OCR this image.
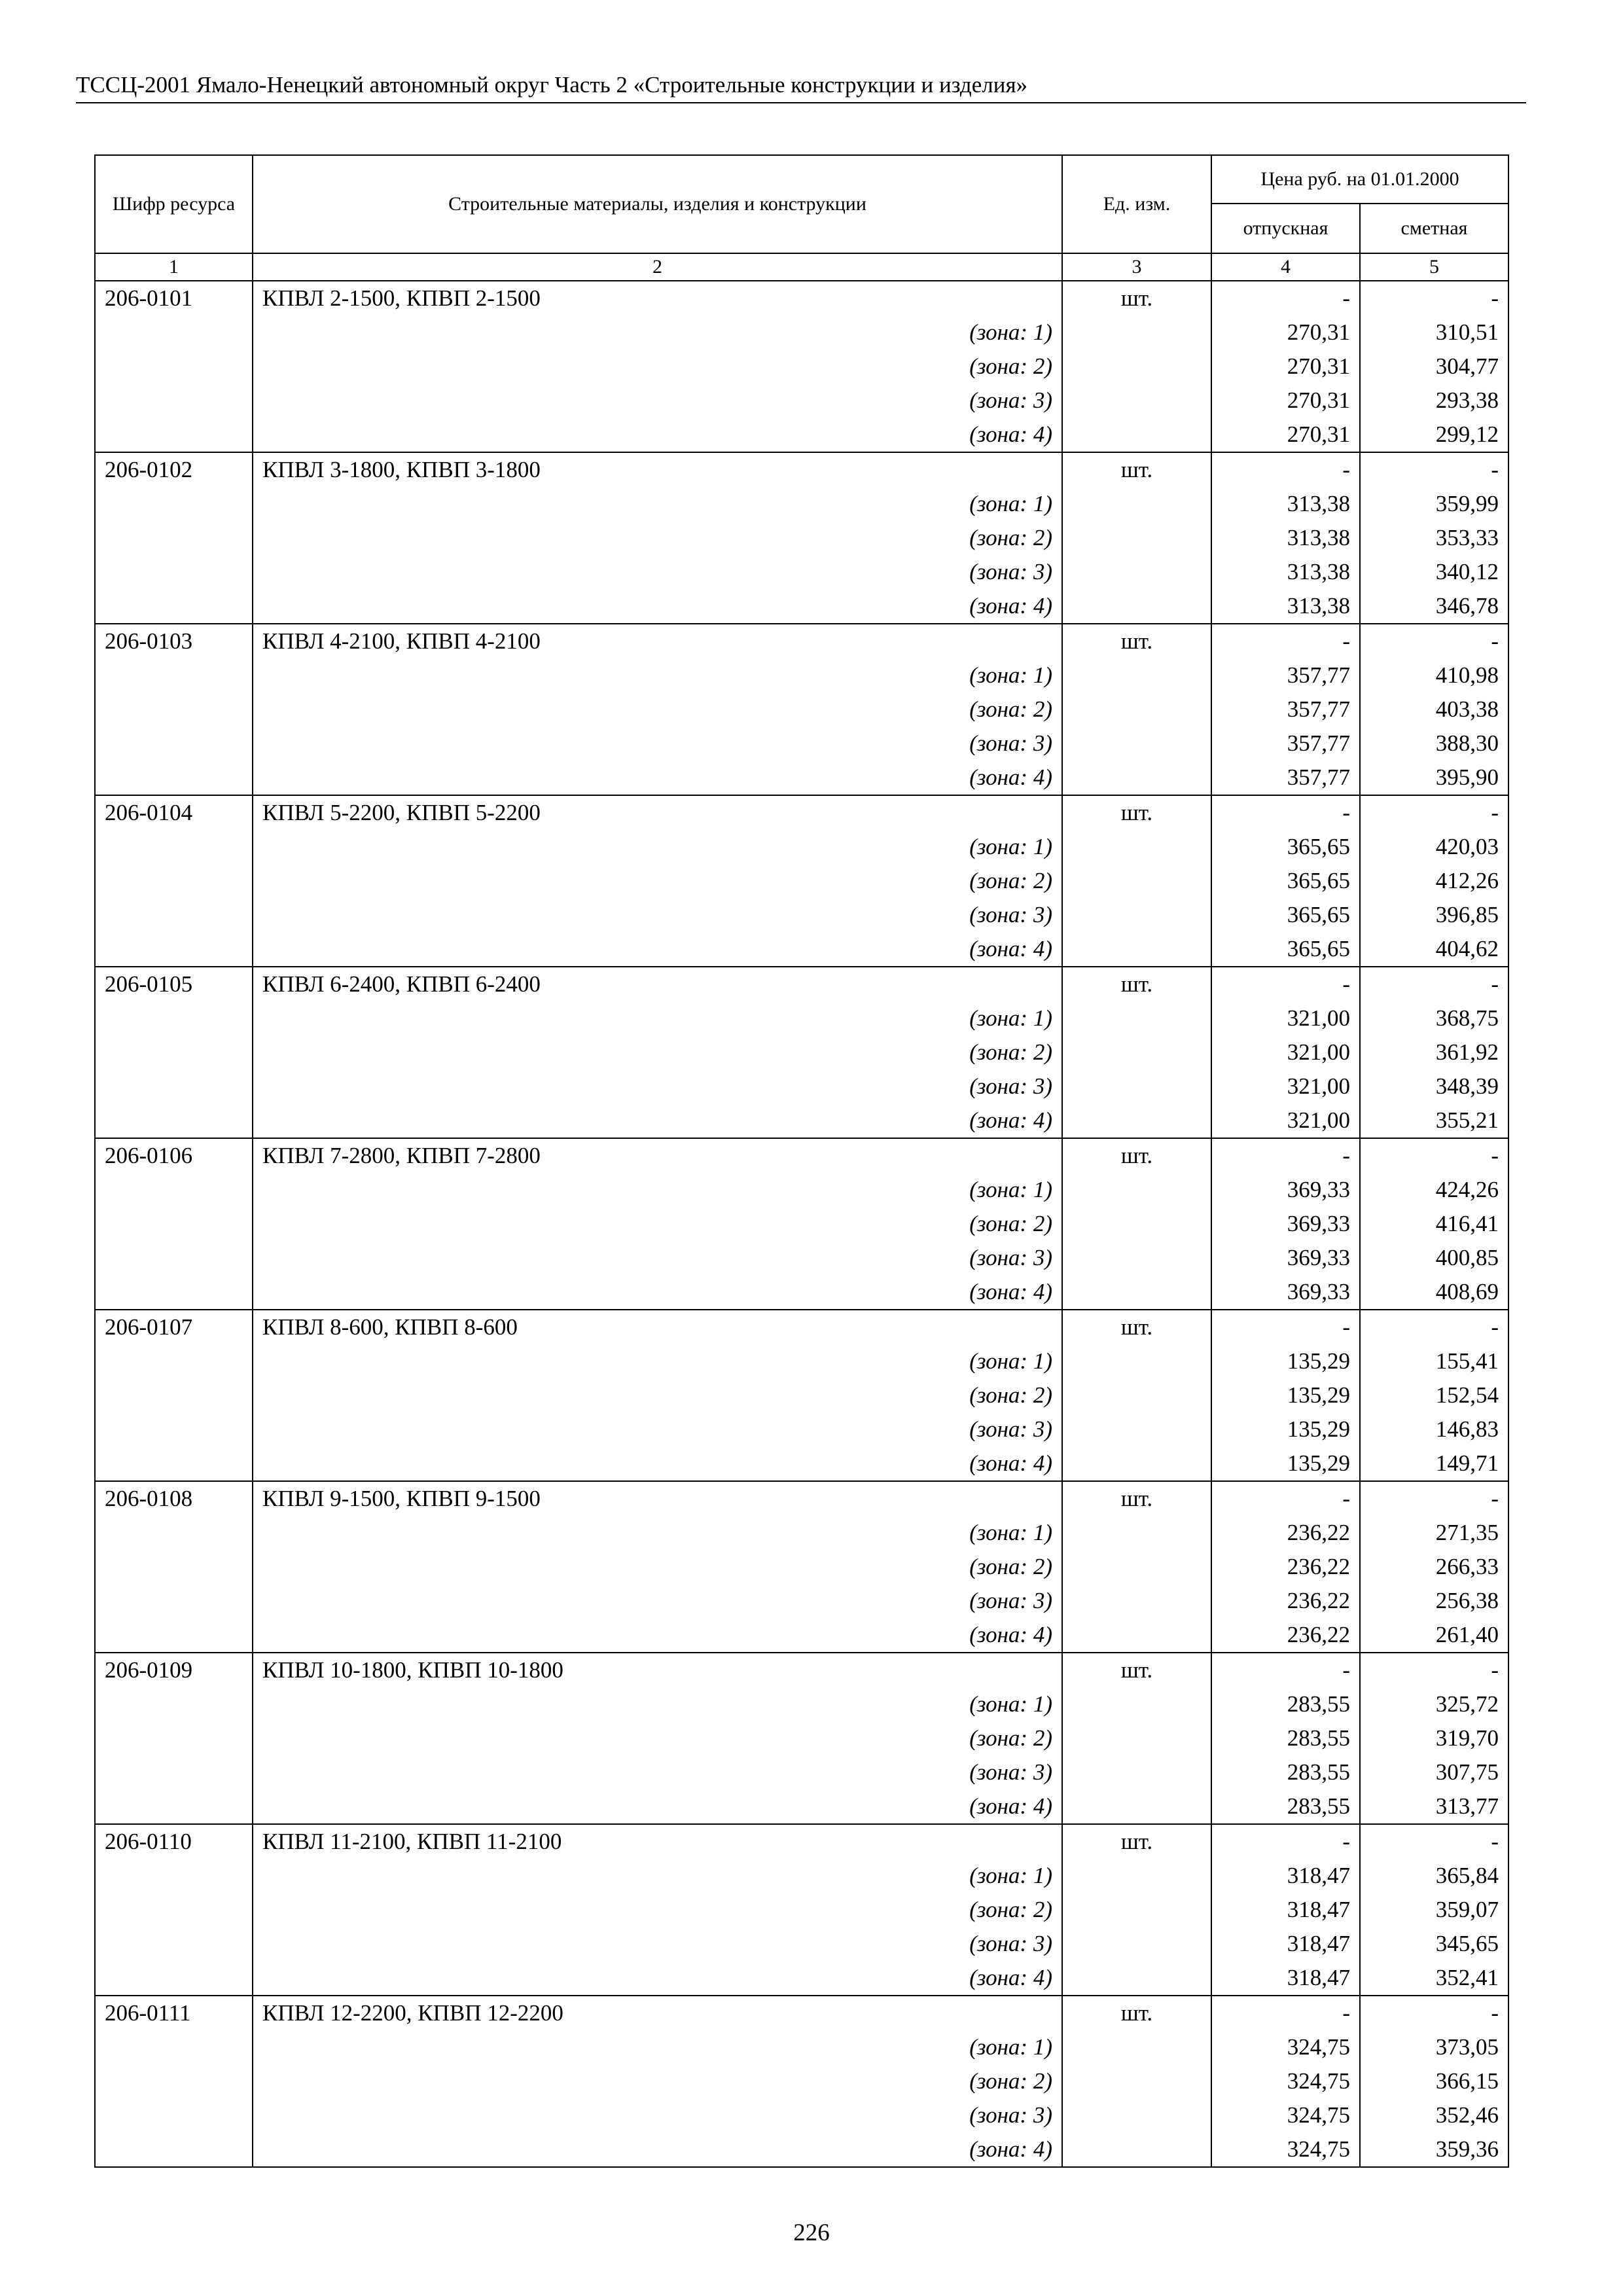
ТССЦ-2001 Ямало-Ненецкий автономный округ Часть 2 «Строительные конструкции и изделия»
Шифр ресурса	Строительные материалы, изделия и конструкции	Ед. изм.	Цена руб. на 01.01.2000	
			отпускная	сметная
1	2	3	4	5
206-0101	КПВЛ 2-1500, КПВП 2-1500	шт.	-	-
	(зона: 1)		270,31	310,51
	(зона: 2)		270,31	304,77
	(зона: 3)		270,31	293,38
	(зона: 4)		270,31	299,12
206-0102	КПВЛ 3-1800, КПВП 3-1800	шт.	-	-
	(зона: 1)		313,38	359,99
	(зона: 2)		313,38	353,33
	(зона: 3)		313,38	340,12
	(зона: 4)		313,38	346,78
206-0103	КПВЛ 4-2100, КПВП 4-2100	шт.	-	-
	(зона: 1)		357,77	410,98
	(зона: 2)		357,77	403,38
	(зона: 3)		357,77	388,30
	(зона: 4)		357,77	395,90
206-0104	КПВЛ 5-2200, КПВП 5-2200	шт.	-	-
	(зона: 1)		365,65	420,03
	(зона: 2)		365,65	412,26
	(зона: 3)		365,65	396,85
	(зона: 4)		365,65	404,62
206-0105	КПВЛ 6-2400, КПВП 6-2400	шт.	-	-
	(зона: 1)		321,00	368,75
	(зона: 2)		321,00	361,92
	(зона: 3)		321,00	348,39
	(зона: 4)		321,00	355,21
206-0106	КПВЛ 7-2800, КПВП 7-2800	шт.	-	-
	(зона: 1)		369,33	424,26
	(зона: 2)		369,33	416,41
	(зона: 3)		369,33	400,85
	(зона: 4)		369,33	408,69
206-0107	КПВЛ 8-600, КПВП 8-600	шт.	-	-
	(зона: 1)		135,29	155,41
	(зона: 2)		135,29	152,54
	(зона: 3)		135,29	146,83
	(зона: 4)		135,29	149,71
206-0108	КПВЛ 9-1500, КПВП 9-1500	шт.	-	-
	(зона: 1)		236,22	271,35
	(зона: 2)		236,22	266,33
	(зона: 3)		236,22	256,38
	(зона: 4)		236,22	261,40
206-0109	КПВЛ 10-1800, КПВП 10-1800	шт.	-	-
	(зона: 1)		283,55	325,72
	(зона: 2)		283,55	319,70
	(зона: 3)		283,55	307,75
	(зона: 4)		283,55	313,77
206-0110	КПВЛ 11-2100, КПВП 11-2100	шт.	-	-
	(зона: 1)		318,47	365,84
	(зона: 2)		318,47	359,07
	(зона: 3)		318,47	345,65
	(зона: 4)		318,47	352,41
206-0111	КПВЛ 12-2200, КПВП 12-2200	шт.	-	-
	(зона: 1)		324,75	373,05
	(зона: 2)		324,75	366,15
	(зона: 3)		324,75	352,46
	(зона: 4)		324,75	359,36
226
